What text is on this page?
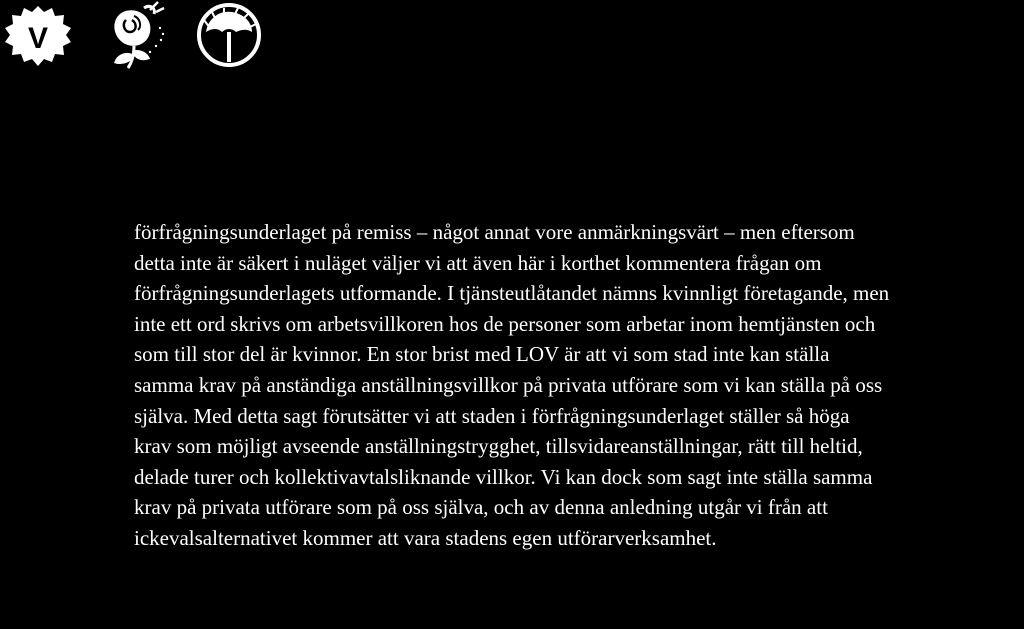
V
förfrågningsunderlaget på remiss – något annat vore anmärkningsvärt – men eftersom
detta inte är säkert i nuläget väljer vi att även här i korthet kommentera frågan om
förfrågningsunderlagets utformande. I tjänsteutlåtandet nämns kvinnligt företagande, men
inte ett ord skrivs om arbetsvillkoren hos de personer som arbetar inom hemtjänsten och
som till stor del är kvinnor. En stor brist med LOV är att vi som stad inte kan ställa
samma krav på anständiga anställningsvillkor på privata utförare som vi kan ställa på oss
själva. Med detta sagt förutsätter vi att staden i förfrågningsunderlaget ställer så höga
krav som möjligt avseende anställningstrygghet, tillsvidareanställningar, rätt till heltid,
delade turer och kollektivavtalsliknande villkor. Vi kan dock som sagt inte ställa samma
krav på privata utförare som på oss själva, och av denna anledning utgår vi från att
ickevalsalternativet kommer att vara stadens egen utförarverksamhet.
